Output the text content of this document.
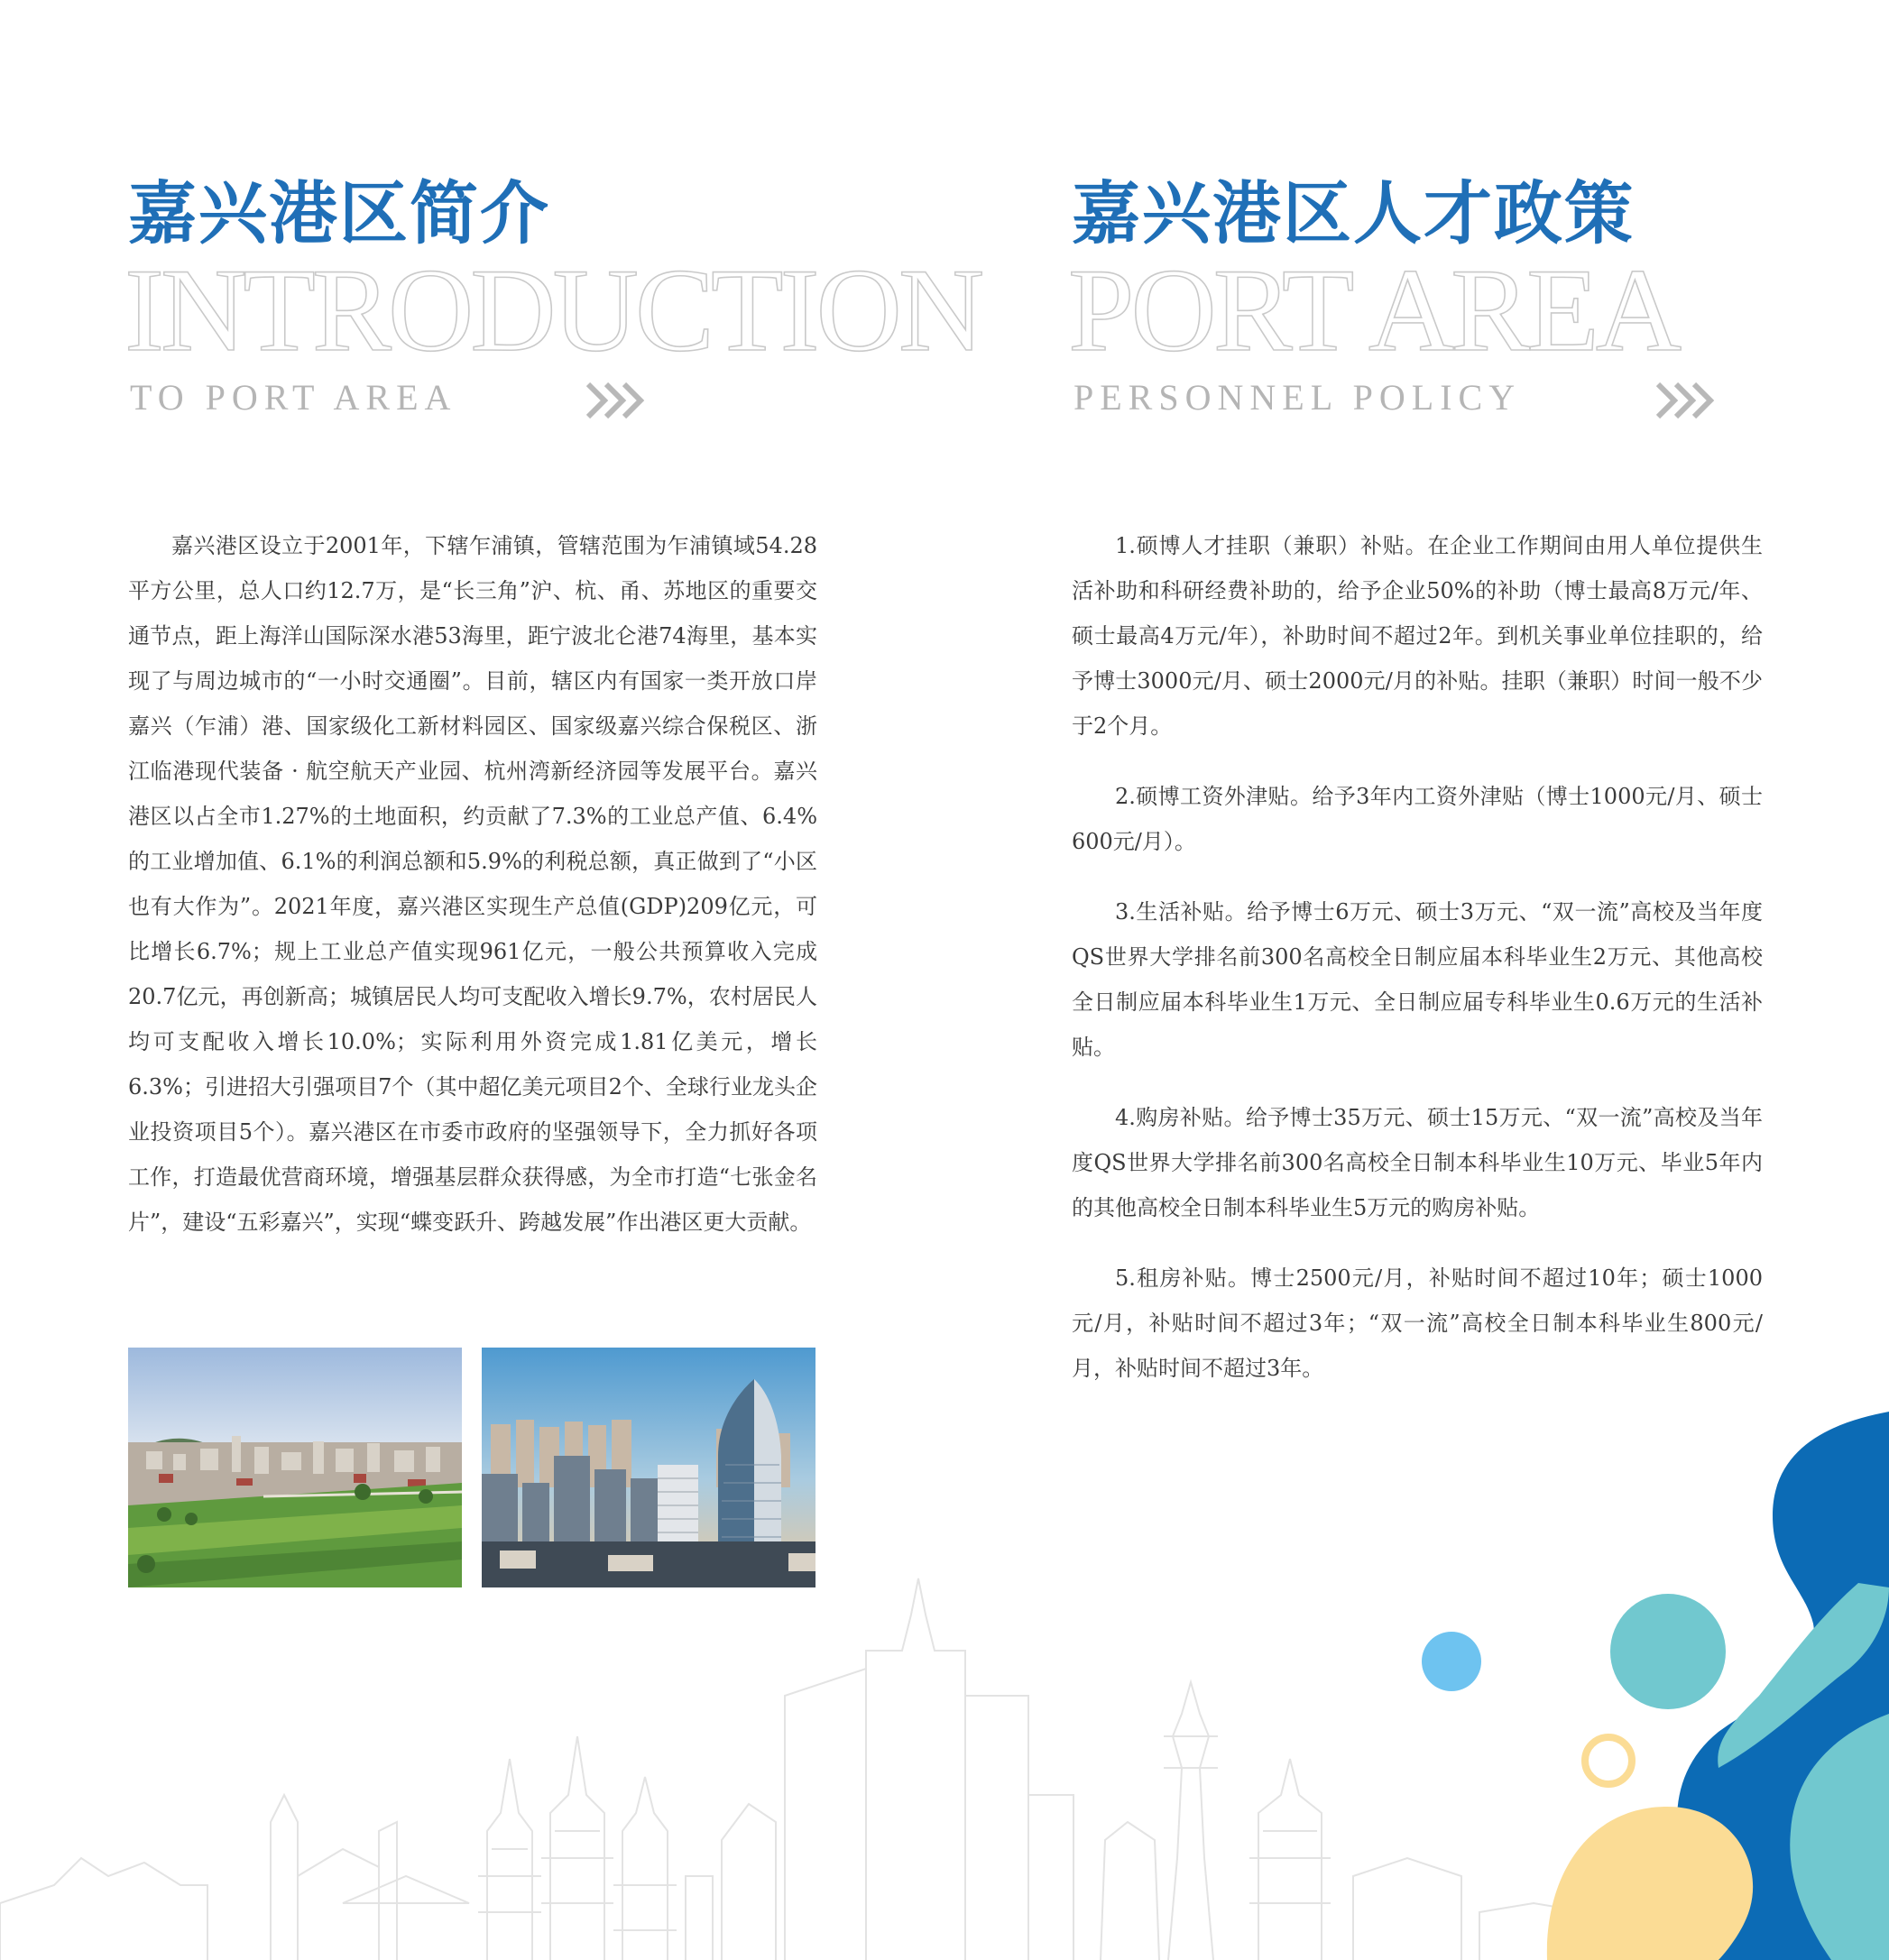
嘉兴港区简介
INTRODUCTION
TO PORT AREA

嘉兴港区设立于2001年，下辖乍浦镇，管辖范围为乍浦镇域54.28平方公里，总人口约12.7万，是“长三角”沪、杭、甬、苏地区的重要交通节点，距上海洋山国际深水港53海里，距宁波北仑港74海里，基本实现了与周边城市的“一小时交通圈”。目前，辖区内有国家一类开放口岸嘉兴（乍浦）港、国家级化工新材料园区、国家级嘉兴综合保税区、浙江临港现代装备 · 航空航天产业园、杭州湾新经济园等发展平台。嘉兴港区以占全市1.27%的土地面积，约贡献了7.3%的工业总产值、6.4%的工业增加值、6.1%的利润总额和5.9%的利税总额，真正做到了“小区也有大作为”。2021年度，嘉兴港区实现生产总值(GDP)209亿元，可比增长6.7%；规上工业总产值实现961亿元，一般公共预算收入完成20.7亿元，再创新高；城镇居民人均可支配收入增长9.7%，农村居民人均可支配收入增长10.0%；实际利用外资完成1.81亿美元，增长6.3%；引进招大引强项目7个（其中超亿美元项目2个、全球行业龙头企业投资项目5个）。嘉兴港区在市委市政府的坚强领导下，全力抓好各项工作，打造最优营商环境，增强基层群众获得感，为全市打造“七张金名片”，建设“五彩嘉兴”，实现“蝶变跃升、跨越发展”作出港区更大贡献。

嘉兴港区人才政策
PORT AREA
PERSONNEL POLICY

1.硕博人才挂职（兼职）补贴。在企业工作期间由用人单位提供生活补助和科研经费补助的，给予企业50%的补助（博士最高8万元/年、硕士最高4万元/年），补助时间不超过2年。到机关事业单位挂职的，给予博士3000元/月、硕士2000元/月的补贴。挂职（兼职）时间一般不少于2个月。

2.硕博工资外津贴。给予3年内工资外津贴（博士1000元/月、硕士600元/月）。

3.生活补贴。给予博士6万元、硕士3万元、“双一流”高校及当年度QS世界大学排名前300名高校全日制应届本科毕业生2万元、其他高校全日制应届本科毕业生1万元、全日制应届专科毕业生0.6万元的生活补贴。

4.购房补贴。给予博士35万元、硕士15万元、“双一流”高校及当年度QS世界大学排名前300名高校全日制本科毕业生10万元、毕业5年内的其他高校全日制本科毕业生5万元的购房补贴。

5.租房补贴。博士2500元/月，补贴时间不超过10年；硕士1000元/月，补贴时间不超过3年；“双一流”高校全日制本科毕业生800元/月，补贴时间不超过3年。
